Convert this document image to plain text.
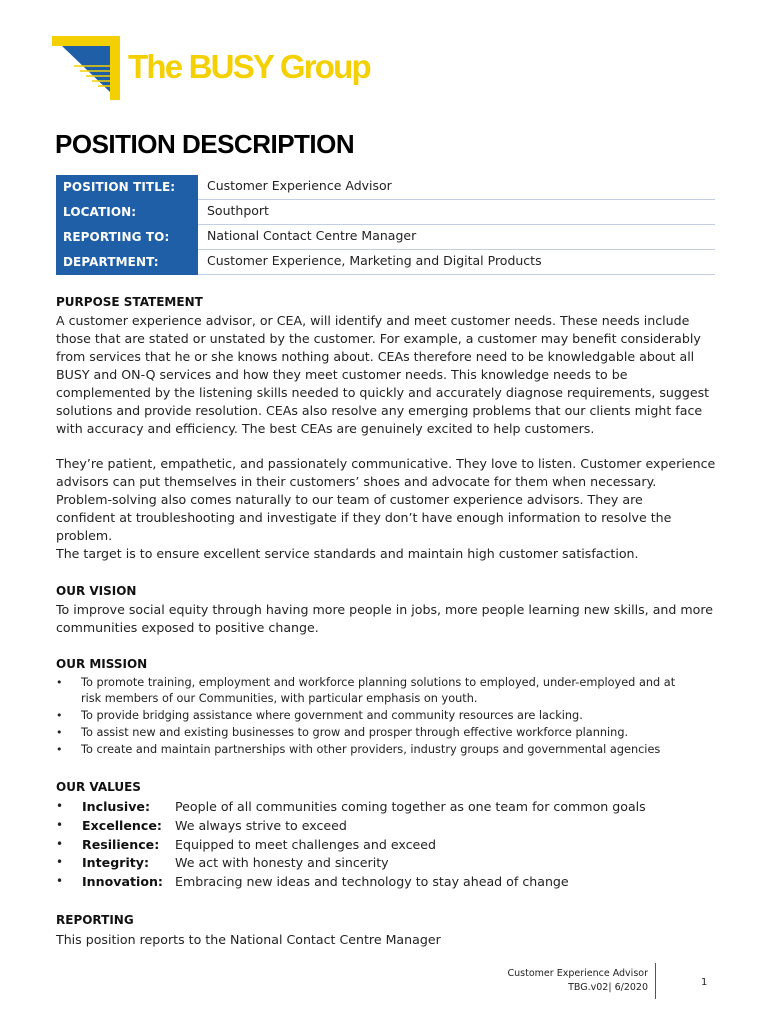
The BUSY Group
POSITION DESCRIPTION
POSITION TITLE:	Customer Experience Advisor
LOCATION:	Southport
REPORTING TO:	National Contact Centre Manager
DEPARTMENT:	Customer Experience, Marketing and Digital Products
PURPOSE STATEMENT
A customer experience advisor, or CEA, will identify and meet customer needs. These needs include
those that are stated or unstated by the customer. For example, a customer may benefit considerably
from services that he or she knows nothing about. CEAs therefore need to be knowledgable about all
BUSY and ON-Q services and how they meet customer needs. This knowledge needs to be
complemented by the listening skills needed to quickly and accurately diagnose requirements, suggest
solutions and provide resolution. CEAs also resolve any emerging problems that our clients might face
with accuracy and efficiency. The best CEAs are genuinely excited to help customers.
They’re patient, empathetic, and passionately communicative. They love to listen. Customer experience
advisors can put themselves in their customers’ shoes and advocate for them when necessary.
Problem-solving also comes naturally to our team of customer experience advisors. They are
confident at troubleshooting and investigate if they don’t have enough information to resolve the
problem.
The target is to ensure excellent service standards and maintain high customer satisfaction.
OUR VISION
To improve social equity through having more people in jobs, more people learning new skills, and more
communities exposed to positive change.
OUR MISSION
• To promote training, employment and workforce planning solutions to employed, under-employed and at
risk members of our Communities, with particular emphasis on youth.
• To provide bridging assistance where government and community resources are lacking.
• To assist new and existing businesses to grow and prosper through effective workforce planning.
• To create and maintain partnerships with other providers, industry groups and governmental agencies
OUR VALUES
• Inclusive: People of all communities coming together as one team for common goals
• Excellence: We always strive to exceed
• Resilience: Equipped to meet challenges and exceed
• Integrity: We act with honesty and sincerity
• Innovation: Embracing new ideas and technology to stay ahead of change
REPORTING
This position reports to the National Contact Centre Manager
Customer Experience Advisor
TBG.v02| 6/2020	1
